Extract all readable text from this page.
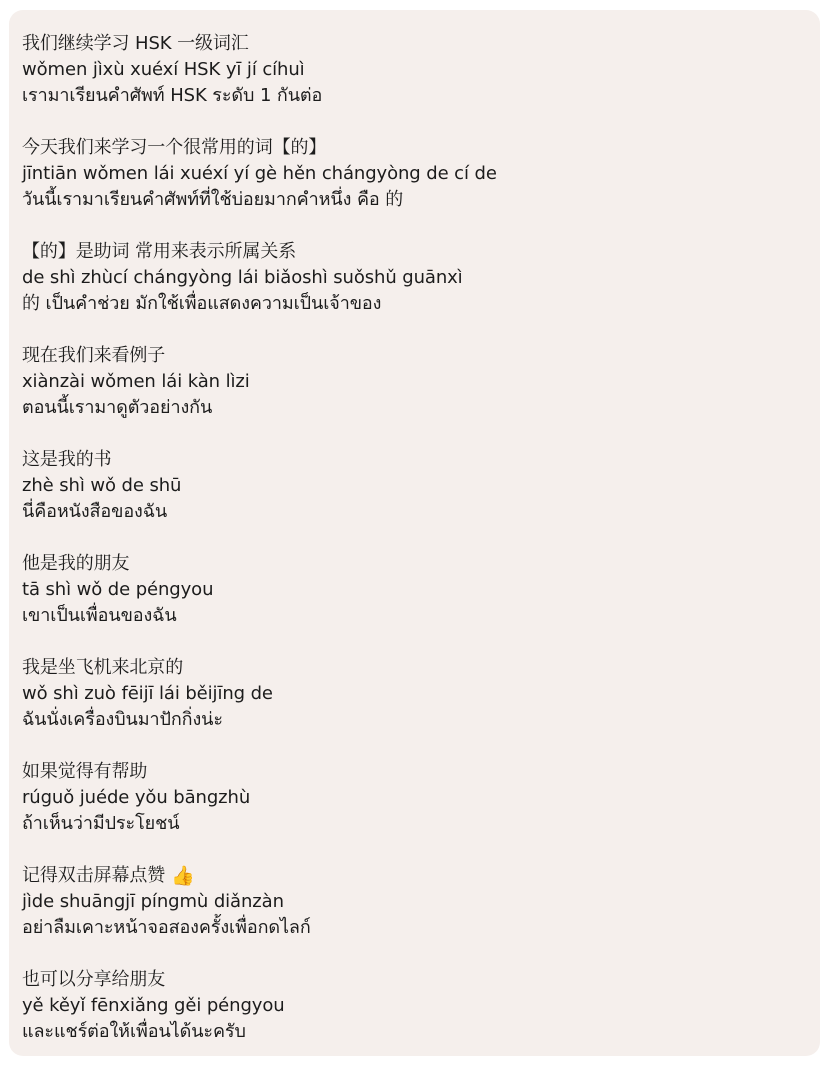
我们继续学习 HSK 一级词汇
wǒmen jìxù xuéxí HSK yī jí cíhuì
เรามาเรียนคำศัพท์ HSK ระดับ 1 กันต่อ
今天我们来学习一个很常用的词【的】
jīntiān wǒmen lái xuéxí yí gè hěn chángyòng de cí de
วันนี้เรามาเรียนคำศัพท์ที่ใช้บ่อยมากคำหนึ่ง คือ 的
【的】是助词 常用来表示所属关系
de shì zhùcí chángyòng lái biǎoshì suǒshǔ guānxì
的 เป็นคำช่วย มักใช้เพื่อแสดงความเป็นเจ้าของ
现在我们来看例子
xiànzài wǒmen lái kàn lìzi
ตอนนี้เรามาดูตัวอย่างกัน
这是我的书
zhè shì wǒ de shū
นี่คือหนังสือของฉัน
他是我的朋友
tā shì wǒ de péngyou
เขาเป็นเพื่อนของฉัน
我是坐飞机来北京的
wǒ shì zuò fēijī lái běijīng de
ฉันนั่งเครื่องบินมาปักกิ่งน่ะ
如果觉得有帮助
rúguǒ juéde yǒu bāngzhù
ถ้าเห็นว่ามีประโยชน์
记得双击屏幕点赞 👍
jìde shuāngjī píngmù diǎnzàn
อย่าลืมเคาะหน้าจอสองครั้งเพื่อกดไลก์
也可以分享给朋友
yě kěyǐ fēnxiǎng gěi péngyou
และแชร์ต่อให้เพื่อนได้นะครับ
